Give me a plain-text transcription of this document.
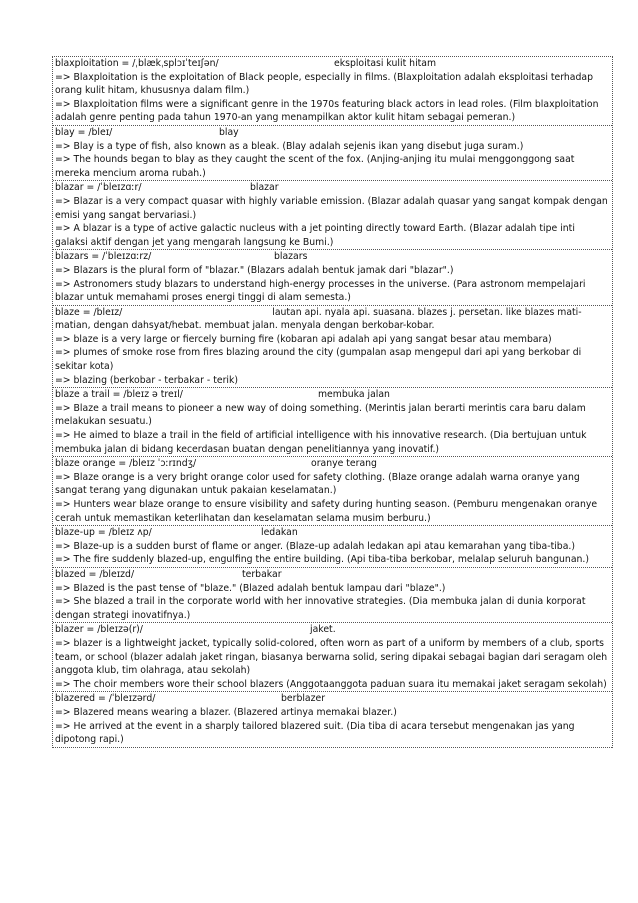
blaxploitation = /ˌblækˌsplɔɪˈteɪʃən/	eksploitasi kulit hitam
=> Blaxploitation is the exploitation of Black people, especially in films. (Blaxploitation adalah eksploitasi terhadap orang kulit hitam, khususnya dalam film.)
=> Blaxploitation films were a significant genre in the 1970s featuring black actors in lead roles. (Film blaxploitation adalah genre penting pada tahun 1970-an yang menampilkan aktor kulit hitam sebagai pemeran.)
blay = /bleɪ/	blay
=> Blay is a type of fish, also known as a bleak. (Blay adalah sejenis ikan yang disebut juga suram.)
=> The hounds began to blay as they caught the scent of the fox. (Anjing-anjing itu mulai menggonggong saat mereka mencium aroma rubah.)
blazar = /ˈbleɪzɑːr/	blazar
=> Blazar is a very compact quasar with highly variable emission. (Blazar adalah quasar yang sangat kompak dengan emisi yang sangat bervariasi.)
=> A blazar is a type of active galactic nucleus with a jet pointing directly toward Earth. (Blazar adalah tipe inti galaksi aktif dengan jet yang mengarah langsung ke Bumi.)
blazars = /ˈbleɪzɑːrz/	blazars
=> Blazars is the plural form of "blazar." (Blazars adalah bentuk jamak dari "blazar".)
=> Astronomers study blazars to understand high-energy processes in the universe. (Para astronom mempelajari blazar untuk memahami proses energi tinggi di alam semesta.)
blaze = /bleɪz/	lautan api. nyala api. suasana. blazes j. persetan. like blazes mati-matian, dengan dahsyat/hebat. membuat jalan. menyala dengan berkobar-kobar.
=> blaze is a very large or fiercely burning fire (kobaran api adalah api yang sangat besar atau membara)
=> plumes of smoke rose from fires blazing around the city (gumpalan asap mengepul dari api yang berkobar di sekitar kota)
=> blazing (berkobar - terbakar - terik)
blaze a trail = /bleɪz ə treɪl/	membuka jalan
=> Blaze a trail means to pioneer a new way of doing something. (Merintis jalan berarti merintis cara baru dalam melakukan sesuatu.)
=> He aimed to blaze a trail in the field of artificial intelligence with his innovative research. (Dia bertujuan untuk membuka jalan di bidang kecerdasan buatan dengan penelitiannya yang inovatif.)
blaze orange = /bleɪz ˈɔːrɪndʒ/	oranye terang
=> Blaze orange is a very bright orange color used for safety clothing. (Blaze orange adalah warna oranye yang sangat terang yang digunakan untuk pakaian keselamatan.)
=> Hunters wear blaze orange to ensure visibility and safety during hunting season. (Pemburu mengenakan oranye cerah untuk memastikan keterlihatan dan keselamatan selama musim berburu.)
blaze-up = /bleɪz ʌp/	ledakan
=> Blaze-up is a sudden burst of flame or anger. (Blaze-up adalah ledakan api atau kemarahan yang tiba-tiba.)
=> The fire suddenly blazed-up, engulfing the entire building. (Api tiba-tiba berkobar, melalap seluruh bangunan.)
blazed = /bleɪzd/	terbakar
=> Blazed is the past tense of "blaze." (Blazed adalah bentuk lampau dari "blaze".)
=> She blazed a trail in the corporate world with her innovative strategies. (Dia membuka jalan di dunia korporat dengan strategi inovatifnya.)
blazer = /bleɪzə(r)/	jaket.
=> blazer is a lightweight jacket, typically solid-colored, often worn as part of a uniform by members of a club, sports team, or school (blazer adalah jaket ringan, biasanya berwarna solid, sering dipakai sebagai bagian dari seragam oleh anggota klub, tim olahraga, atau sekolah)
=> The choir members wore their school blazers (Anggotaanggota paduan suara itu memakai jaket seragam sekolah)
blazered = /ˈbleɪzərd/	berblazer
=> Blazered means wearing a blazer. (Blazered artinya memakai blazer.)
=> He arrived at the event in a sharply tailored blazered suit. (Dia tiba di acara tersebut mengenakan jas yang dipotong rapi.)
